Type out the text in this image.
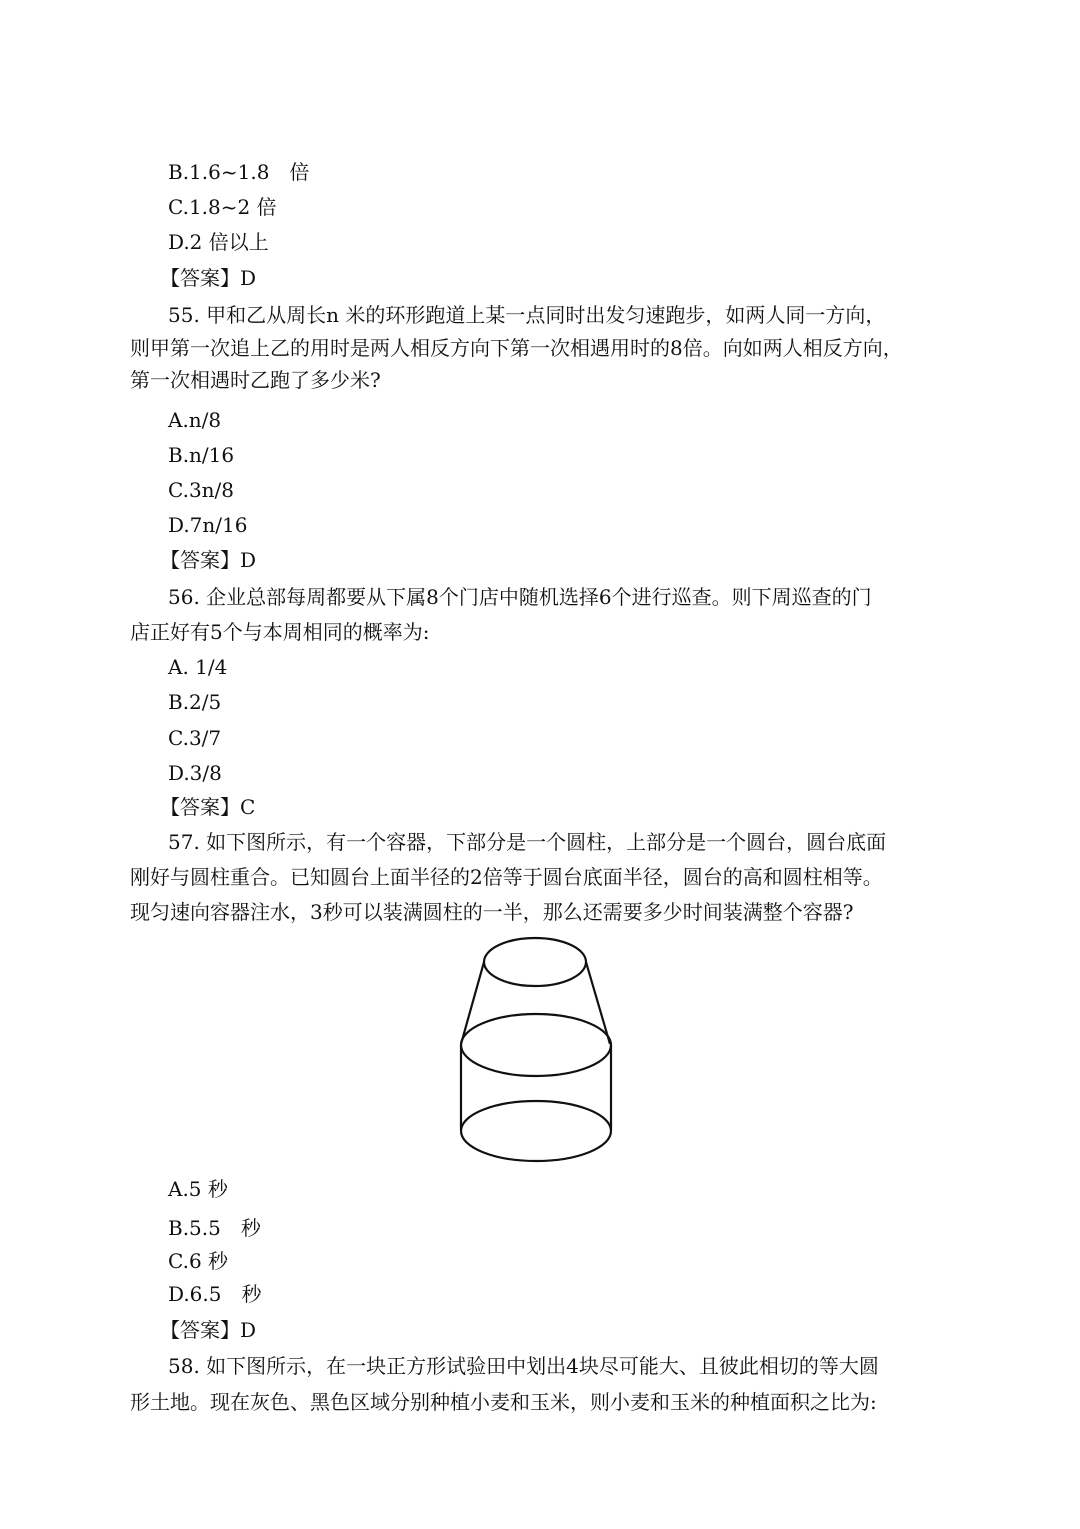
B.1.6~1.8　倍
C.1.8~2 倍
D.2 倍以上
【答案】D
55. 甲和乙从周长n 米的环形跑道上某一点同时出发匀速跑步，如两人同一方向，
则甲第一次追上乙的用时是两人相反方向下第一次相遇用时的8倍。向如两人相反方向，
第一次相遇时乙跑了多少米?
A.n/8
B.n/16
C.3n/8
D.7n/16
【答案】D
56. 企业总部每周都要从下属8个门店中随机选择6个进行巡查。则下周巡查的门
店正好有5个与本周相同的概率为:
A. 1/4
B.2/5
C.3/7
D.3/8
【答案】C
57. 如下图所示，有一个容器，下部分是一个圆柱，上部分是一个圆台，圆台底面
刚好与圆柱重合。已知圆台上面半径的2倍等于圆台底面半径，圆台的高和圆柱相等。
现匀速向容器注水，3秒可以装满圆柱的一半，那么还需要多少时间装满整个容器?
A.5 秒
B.5.5　秒
C.6 秒
D.6.5　秒
【答案】D
58. 如下图所示，在一块正方形试验田中划出4块尽可能大、且彼此相切的等大圆
形土地。现在灰色、黑色区域分别种植小麦和玉米，则小麦和玉米的种植面积之比为:
